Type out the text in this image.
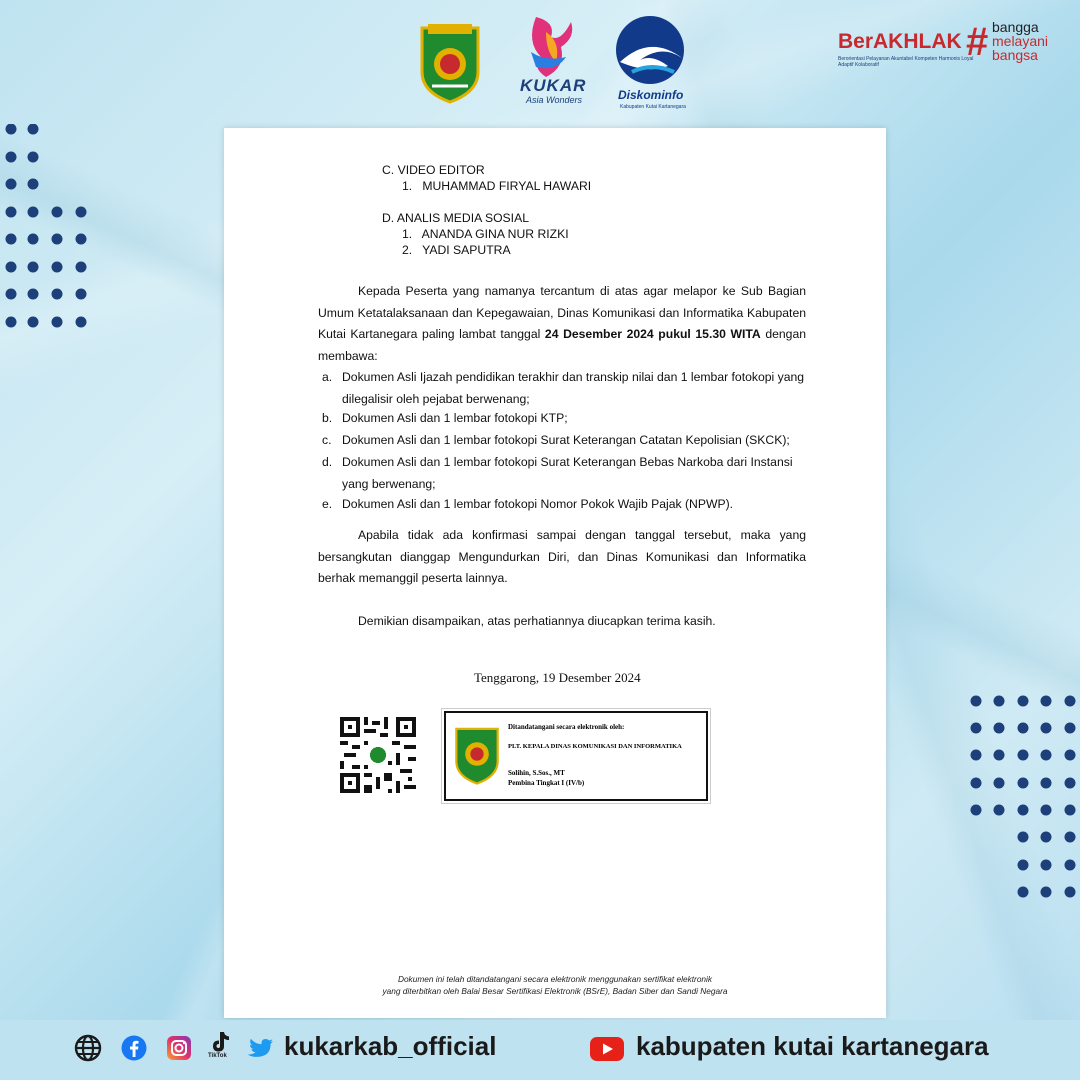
KUKAR
Asia Wonders	Diskominfo
Kabupaten Kutai Kartanegara
BerAKHLAK
Berorientasi Pelayanan Akuntabel Kompeten Harmonis Loyal Adaptif Kolaboratif
# bangga
melayani
bangsa
C. VIDEO EDITOR
1.   MUHAMMAD FIRYAL HAWARI
D. ANALIS MEDIA SOSIAL
1.   ANANDA GINA NUR RIZKI
2.   YADI SAPUTRA
Kepada Peserta yang namanya tercantum di atas agar melapor ke Sub Bagian Umum Ketatalaksanaan dan Kepegawaian, Dinas Komunikasi dan Informatika Kabupaten Kutai Kartanegara paling lambat tanggal 24 Desember 2024 pukul 15.30 WITA dengan membawa:
a. Dokumen Asli Ijazah pendidikan terakhir dan transkip nilai dan 1 lembar fotokopi yang dilegalisir oleh pejabat berwenang;
b. Dokumen Asli dan 1 lembar fotokopi KTP;
c. Dokumen Asli dan 1 lembar fotokopi Surat Keterangan Catatan Kepolisian (SKCK);
d. Dokumen Asli dan 1 lembar fotokopi Surat Keterangan Bebas Narkoba dari Instansi yang berwenang;
e. Dokumen Asli dan 1 lembar fotokopi Nomor Pokok Wajib Pajak (NPWP).
Apabila tidak ada konfirmasi sampai dengan tanggal tersebut, maka yang bersangkutan dianggap Mengundurkan Diri, dan Dinas Komunikasi dan Informatika berhak memanggil peserta lainnya.
Demikian disampaikan, atas perhatiannya diucapkan terima kasih.
Tenggarong, 19 Desember 2024
Ditandatangani secara elektronik oleh:
PLT. KEPALA DINAS KOMUNIKASI DAN INFORMATIKA
Solihin, S.Sos., MT
Pembina Tingkat I (IV/b)
Dokumen ini telah ditandatangani secara elektronik menggunakan sertifikat elektronik
yang diterbitkan oleh Balai Besar Sertifikasi Elektronik (BSrE), Badan Siber dan Sandi Negara
TikTok kukarkab_official	kabupaten kutai kartanegara
